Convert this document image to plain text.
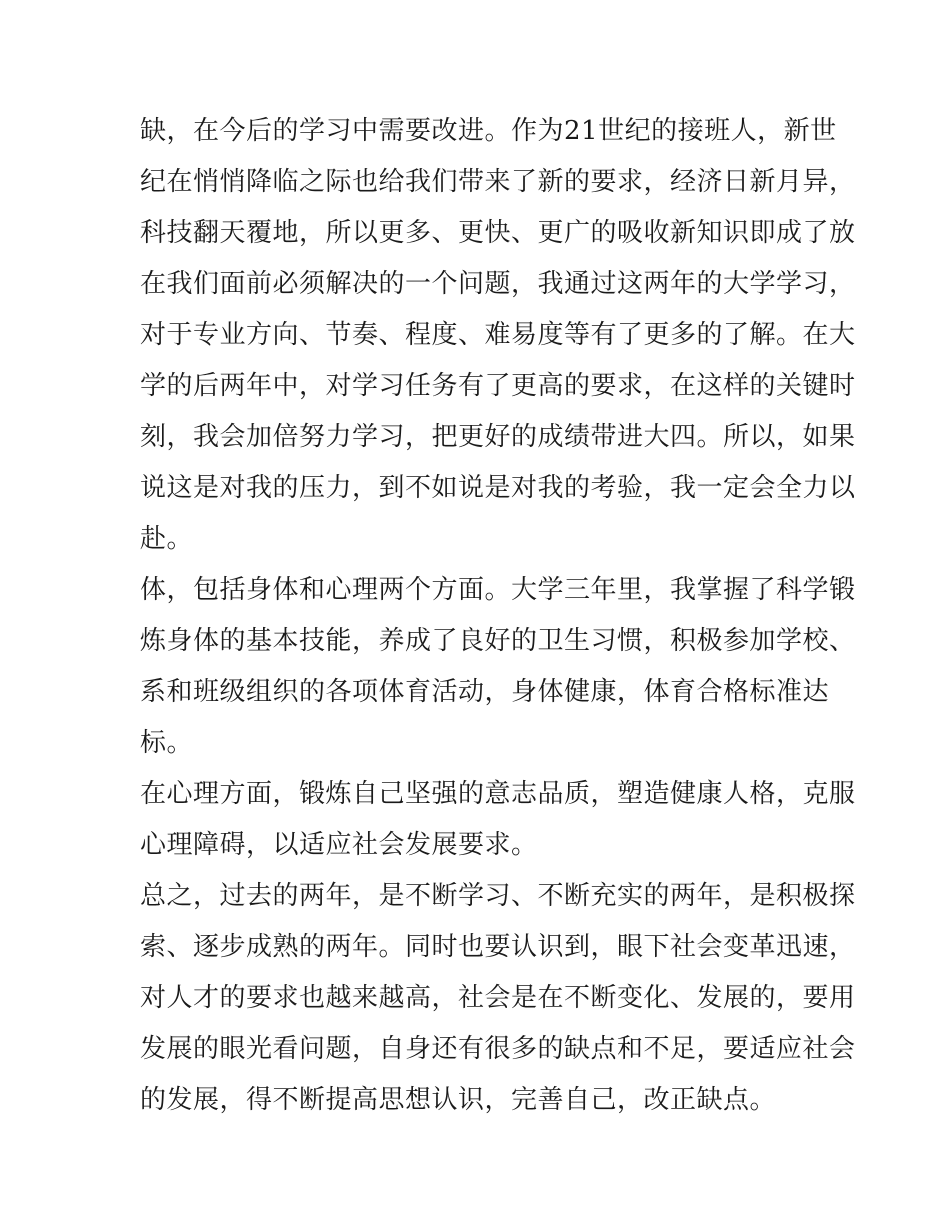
缺，在今后的学习中需要改进。作为21世纪的接班人，新世
纪在悄悄降临之际也给我们带来了新的要求，经济日新月异，
科技翻天覆地，所以更多、更快、更广的吸收新知识即成了放
在我们面前必须解决的一个问题，我通过这两年的大学学习，
对于专业方向、节奏、程度、难易度等有了更多的了解。在大
学的后两年中，对学习任务有了更高的要求，在这样的关键时
刻，我会加倍努力学习，把更好的成绩带进大四。所以，如果
说这是对我的压力，到不如说是对我的考验，我一定会全力以
赴。
体，包括身体和心理两个方面。大学三年里，我掌握了科学锻
炼身体的基本技能，养成了良好的卫生习惯，积极参加学校、
系和班级组织的各项体育活动，身体健康，体育合格标准达
标。
在心理方面，锻炼自己坚强的意志品质，塑造健康人格，克服
心理障碍，以适应社会发展要求。
总之，过去的两年，是不断学习、不断充实的两年，是积极探
索、逐步成熟的两年。同时也要认识到，眼下社会变革迅速，
对人才的要求也越来越高，社会是在不断变化、发展的，要用
发展的眼光看问题，自身还有很多的缺点和不足，要适应社会
的发展，得不断提高思想认识，完善自己，改正缺点。
